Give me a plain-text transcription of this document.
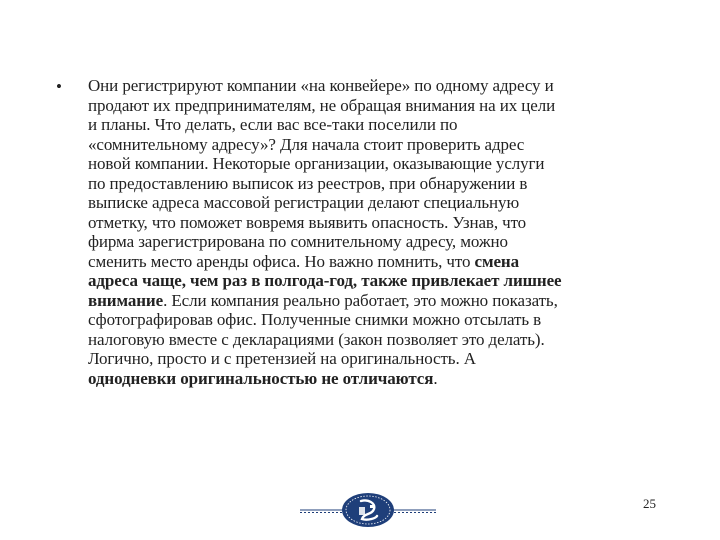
• Они регистрируют компании «на конвейере» по одному адресу и
продают их предпринимателям, не обращая внимания на их цели
и планы. Что делать, если вас все-таки поселили по
«сомнительному адресу»? Для начала стоит проверить адрес
новой компании. Некоторые организации, оказывающие услуги
по предоставлению выписок из реестров, при обнаружении в
выписке адреса массовой регистрации делают специальную
отметку, что поможет вовремя выявить опасность. Узнав, что
фирма зарегистрирована по сомнительному адресу, можно
сменить место аренды офиса. Но важно помнить, что смена
адреса чаще, чем раз в полгода-год, также привлекает лишнее
внимание. Если компания реально работает, это можно показать,
сфотографировав офис. Полученные снимки можно отсылать в
налоговую вместе с декларациями (закон позволяет это делать).
Логично, просто и с претензией на оригинальность. А
однодневки оригинальностью не отличаются.
25
